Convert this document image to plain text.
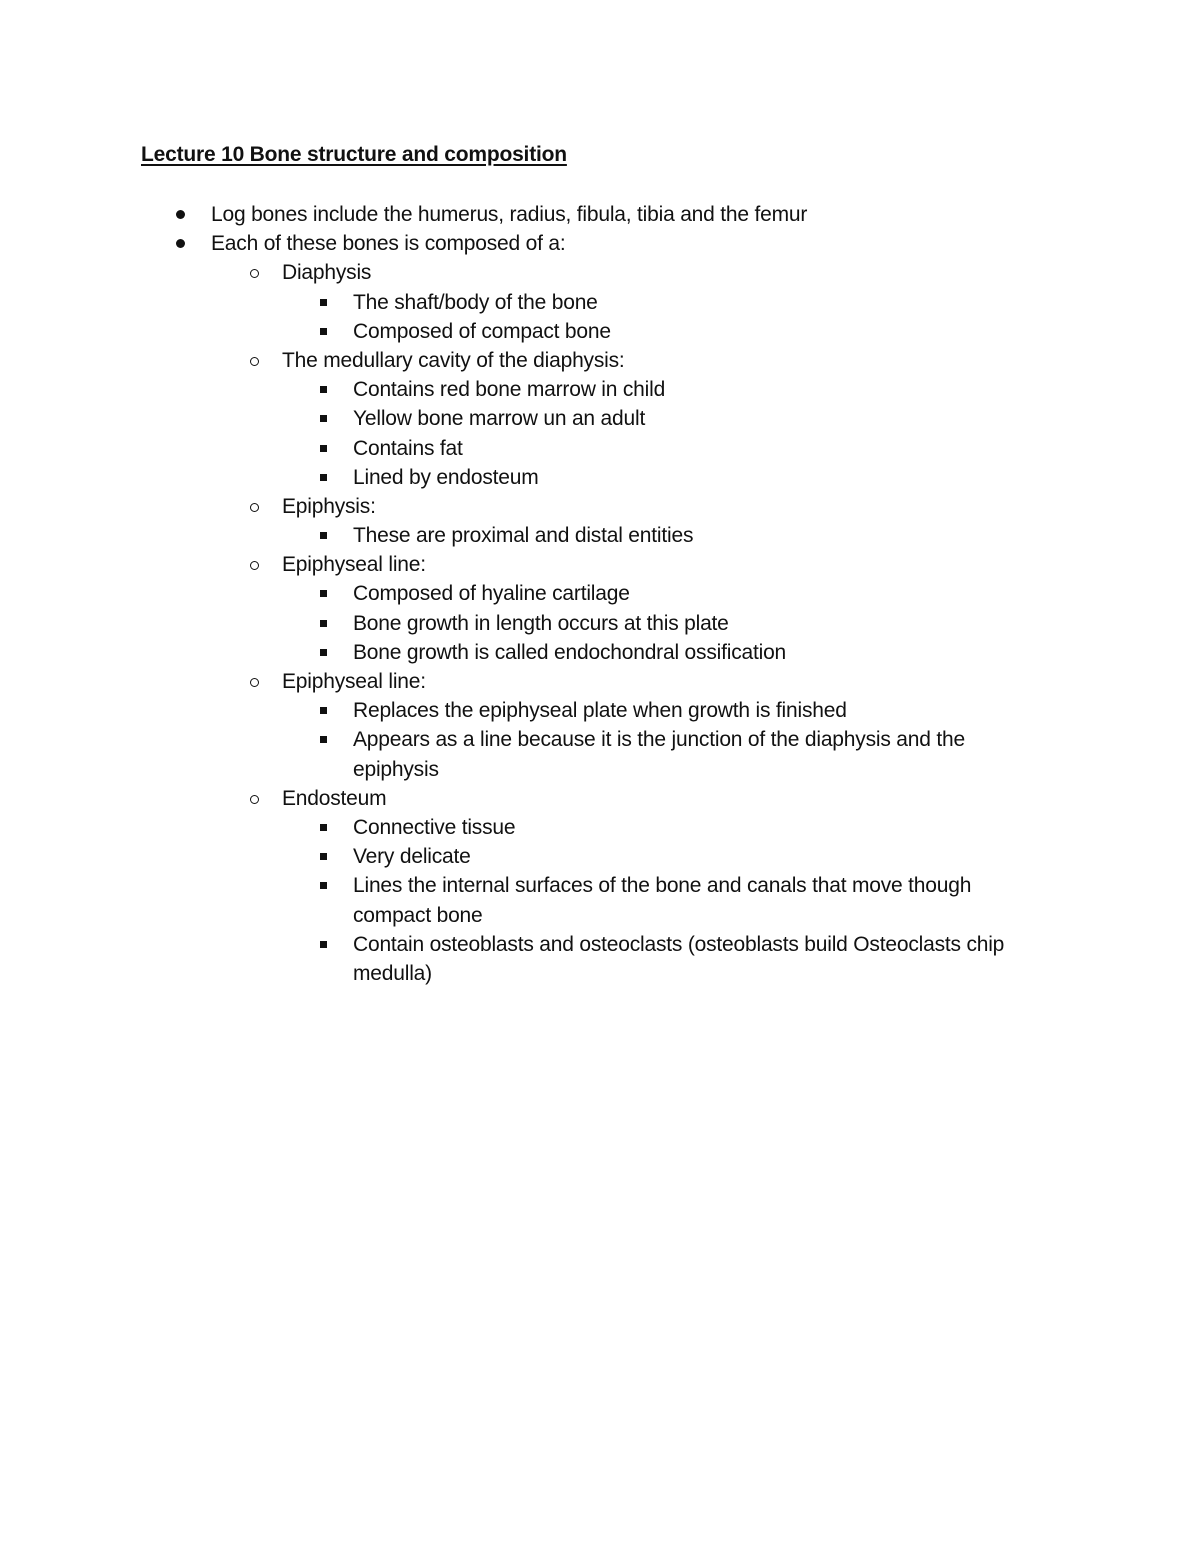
Lecture 10 Bone structure and composition
Log bones include the humerus, radius, fibula, tibia and the femur
Each of these bones is composed of a:
Diaphysis
The shaft/body of the bone
Composed of compact bone
The medullary cavity of the diaphysis:
Contains red bone marrow in child
Yellow bone marrow un an adult
Contains fat
Lined by endosteum
Epiphysis:
These are proximal and distal entities
Epiphyseal line:
Composed of hyaline cartilage
Bone growth in length occurs at this plate
Bone growth is called endochondral ossification
Epiphyseal line:
Replaces the epiphyseal plate when growth is finished
Appears as a line because it is the junction of the diaphysis and the epiphysis
Endosteum
Connective tissue
Very delicate
Lines the internal surfaces of the bone and canals that move though compact bone
Contain osteoblasts and osteoclasts (osteoblasts build Osteoclasts chip medulla)
